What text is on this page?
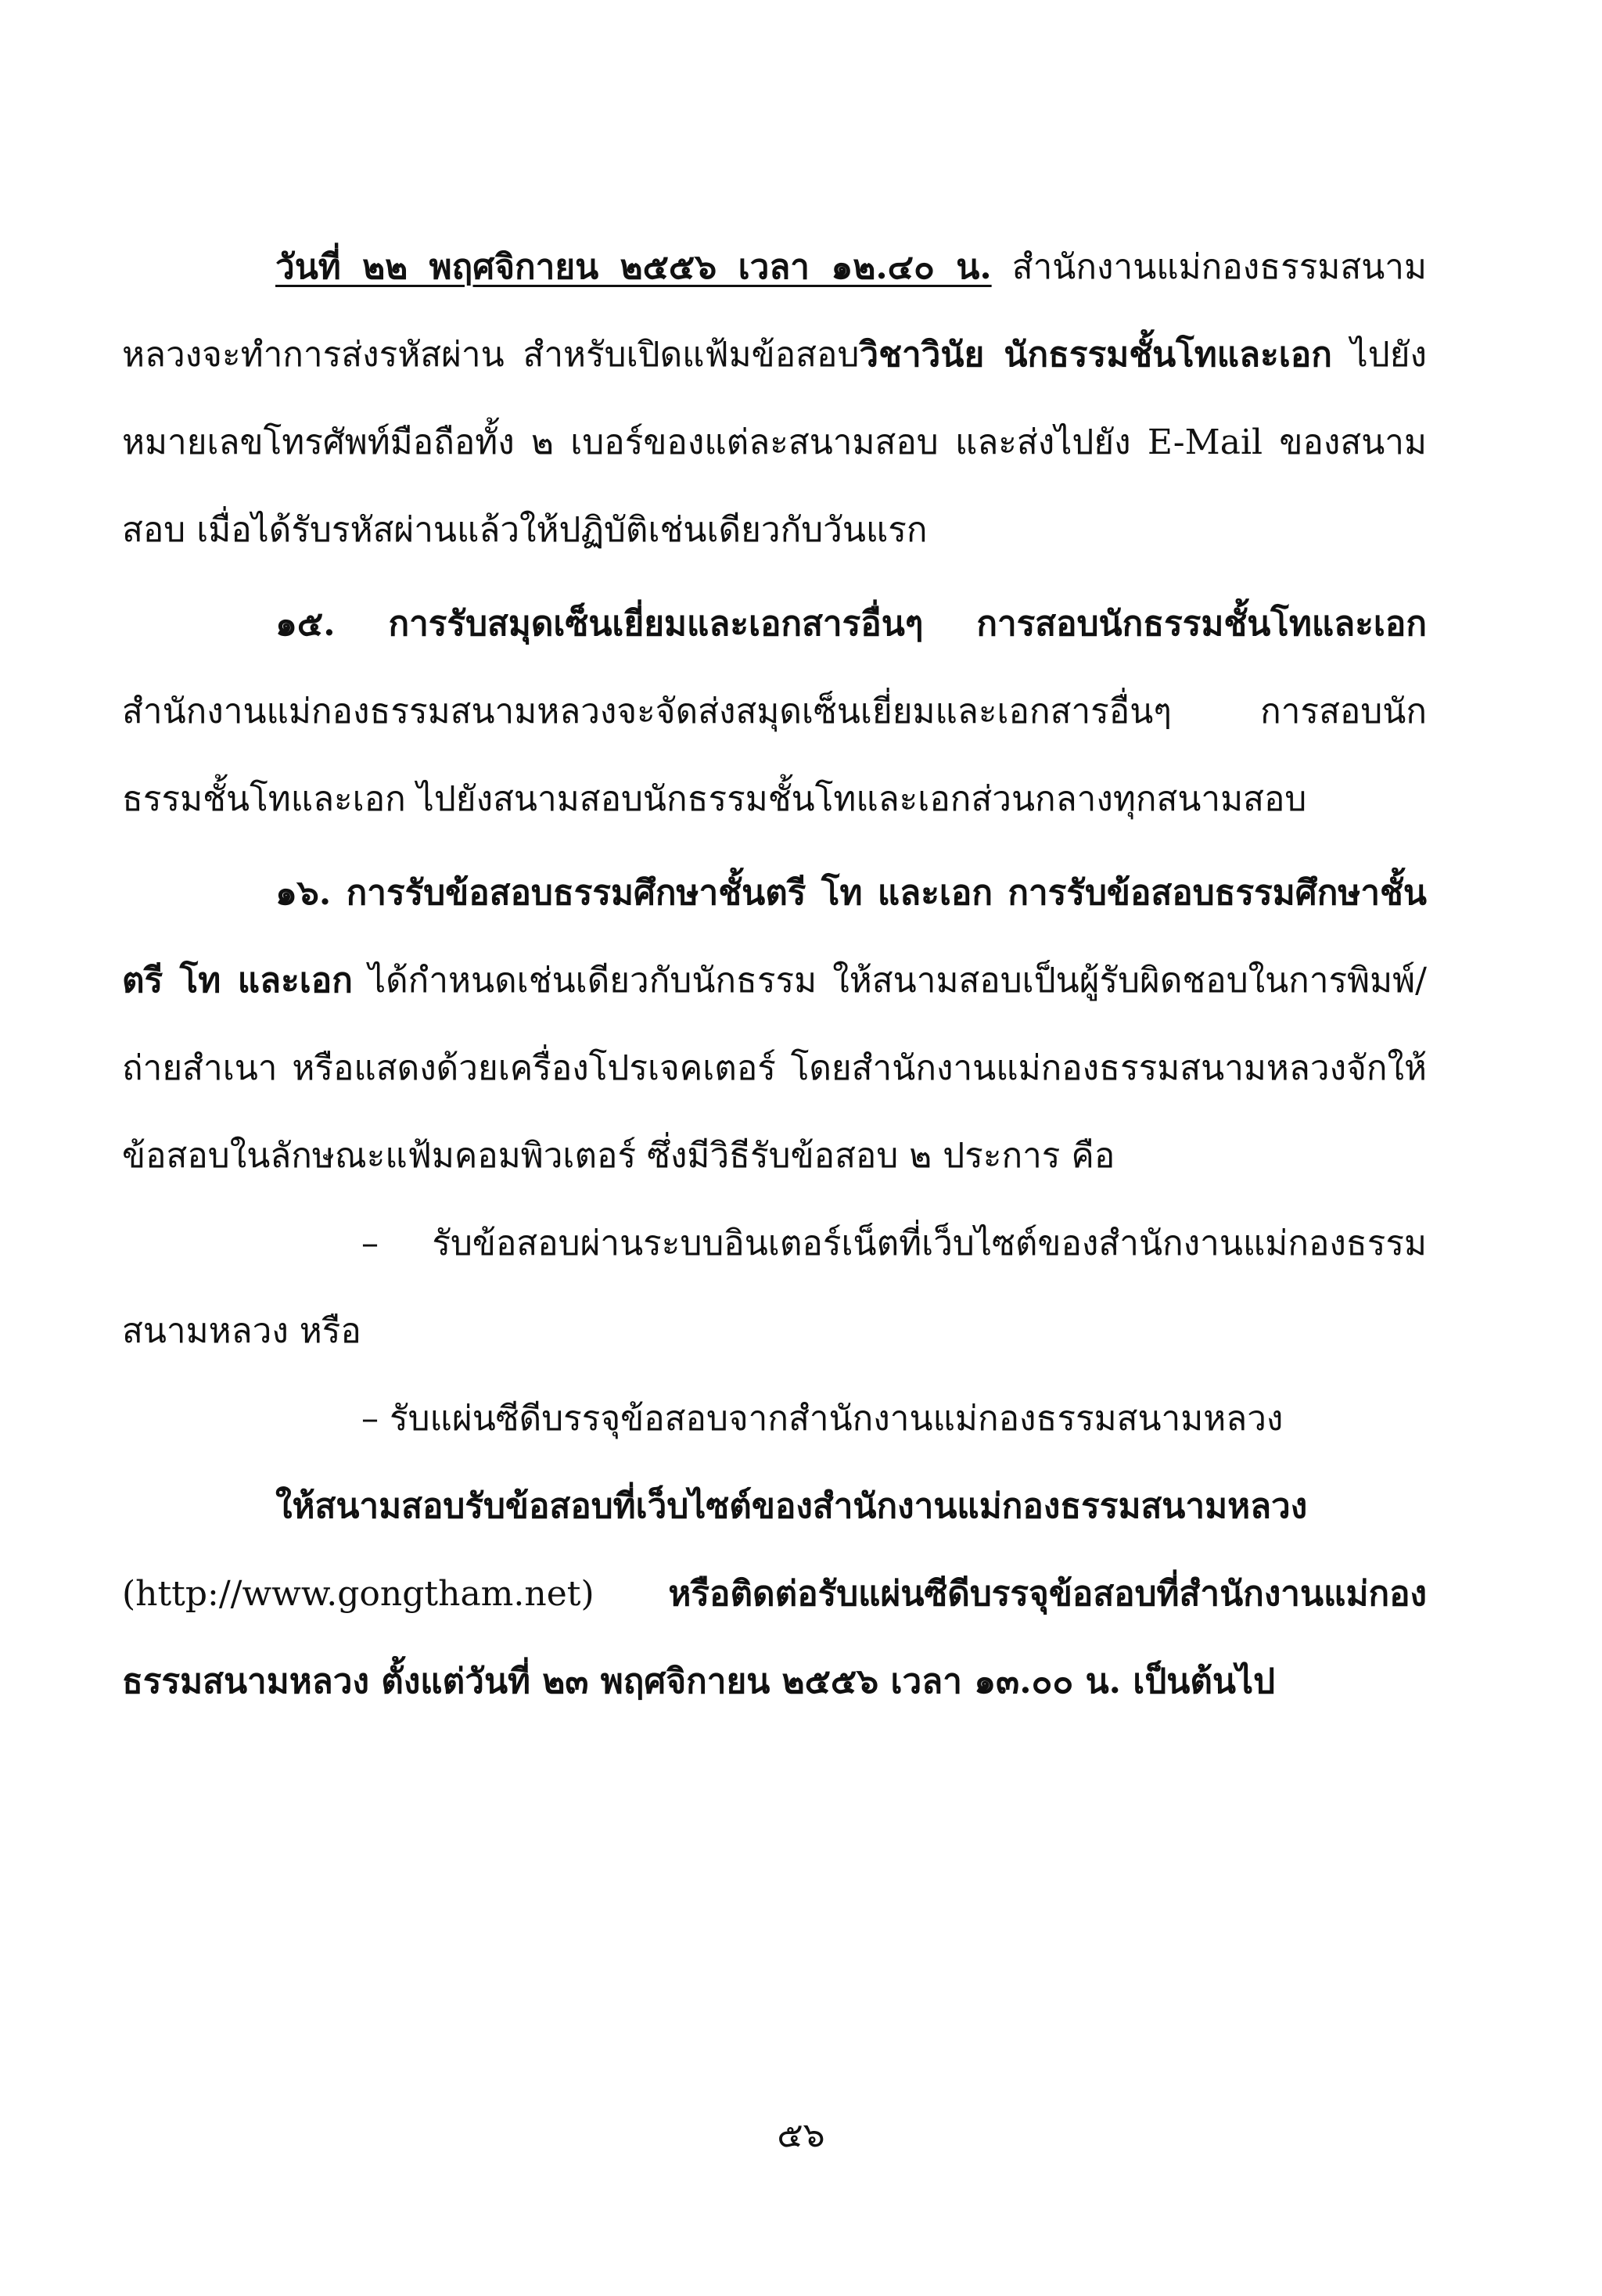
วันที่ ๒๒ พฤศจิกายน ๒๕๕๖ เวลา ๑๒.๔๐ น. สำนักงานแม่กองธรรมสนามหลวงจะทำการส่งรหัสผ่าน สำหรับเปิดแฟ้มข้อสอบวิชาวินัย นักธรรมชั้นโทและเอก ไปยังหมายเลขโทรศัพท์มือถือทั้ง ๒ เบอร์ของแต่ละสนามสอบ และส่งไปยัง E-Mail ของสนามสอบ เมื่อได้รับรหัสผ่านแล้วให้ปฏิบัติเช่นเดียวกับวันแรก

๑๕. การรับสมุดเซ็นเยี่ยมและเอกสารอื่นๆ การสอบนักธรรมชั้นโทและเอก สำนักงานแม่กองธรรมสนามหลวงจะจัดส่งสมุดเซ็นเยี่ยมและเอกสารอื่นๆ การสอบนักธรรมชั้นโทและเอก ไปยังสนามสอบนักธรรมชั้นโทและเอกส่วนกลางทุกสนามสอบ

๑๖. การรับข้อสอบธรรมศึกษาชั้นตรี โท และเอก การรับข้อสอบธรรมศึกษาชั้นตรี โท และเอก ได้กำหนดเช่นเดียวกับนักธรรม ให้สนามสอบเป็นผู้รับผิดชอบในการพิมพ์/ถ่ายสำเนา หรือแสดงด้วยเครื่องโปรเจคเตอร์ โดยสำนักงานแม่กองธรรมสนามหลวงจักให้ข้อสอบในลักษณะแฟ้มคอมพิวเตอร์ ซึ่งมีวิธีรับข้อสอบ ๒ ประการ คือ

– รับข้อสอบผ่านระบบอินเตอร์เน็ตที่เว็บไซต์ของสำนักงานแม่กองธรรมสนามหลวง หรือ

– รับแผ่นซีดีบรรจุข้อสอบจากสำนักงานแม่กองธรรมสนามหลวง

ให้สนามสอบรับข้อสอบที่เว็บไซต์ของสำนักงานแม่กองธรรมสนามหลวง (http://www.gongtham.net) หรือติดต่อรับแผ่นซีดีบรรจุข้อสอบที่สำนักงานแม่กองธรรมสนามหลวง ตั้งแต่วันที่ ๒๓ พฤศจิกายน ๒๕๕๖ เวลา ๑๓.๐๐ น. เป็นต้นไป

๕๖
